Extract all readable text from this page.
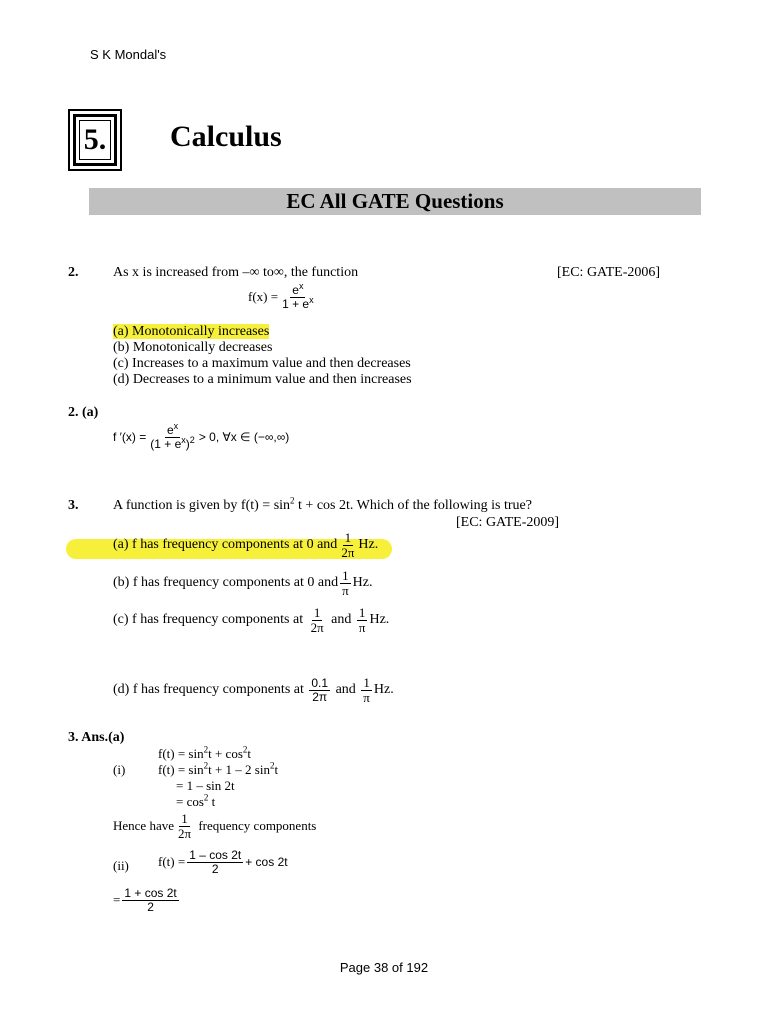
S K Mondal's
5. Calculus
EC All GATE Questions
2. As x is increased from –∞ to∞, the function	[EC: GATE-2006]
$f(x) = \frac{e^x}{1 + e^x}$
(a) Monotonically increases
(b) Monotonically decreases
(c) Increases to a maximum value and then decreases
(d) Decreases to a minimum value and then increases
2. (a)
f $'(x) = \frac{e^x}{(1 + e^x)^2} > 0$, ∀x ∈ (−∞,∞)
3. A function is given by $f(t) = \sin^2 t + \cos 2t$. Which of the following is true?
[EC: GATE-2009]
(a) f has frequency components at 0 and $\frac{1}{2\pi}$ Hz .
(b) f has frequency components at 0 and $\frac{1}{\pi}$ Hz .
(c) f has frequency components at
$\frac{1}{2\pi}$
and
$\frac{1}{\pi}$ Hz .
(d) f has frequency components at
$\frac{0.1}{2\pi}$
and
$\frac{1}{\pi}$ Hz .
3. Ans.(a)
$f(t) = \sin^2t + \cos^2t$
(i)	$f(t) = \sin^2t + 1 - 2$ $\sin^2t$
= 1 – sin 2t
= $\cos^2 t$
Hence have $\frac{1}{2\pi}$
frequency components
(ii) $f(t) = \frac{1 - \cos 2t}{2} + \cos 2t$
= $\frac{1 + \cos 2t}{2}$
Page 38 of 192
